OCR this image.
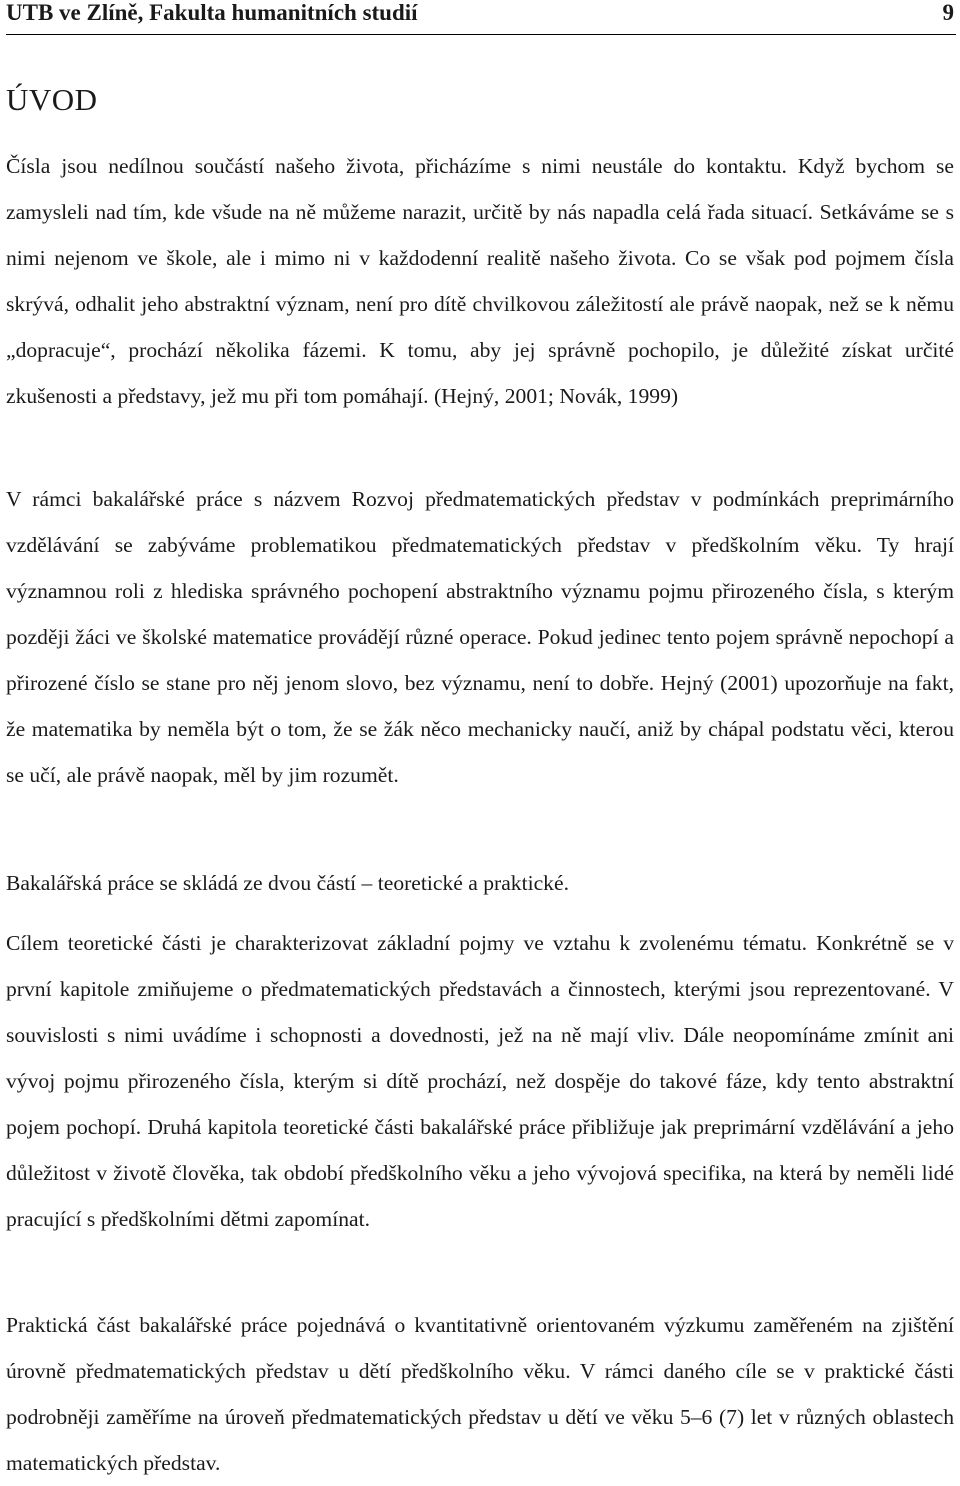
UTB ve Zlíně, Fakulta humanitních studií	9
ÚVOD

Čísla jsou nedílnou součástí našeho života, přicházíme s nimi neustále do kontaktu. Když bychom se zamysleli nad tím, kde všude na ně můžeme narazit, určitě by nás napadla celá řada situací. Setkáváme se s nimi nejenom ve škole, ale i mimo ni v každodenní realitě našeho života. Co se však pod pojmem čísla skrývá, odhalit jeho abstraktní význam, není pro dítě chvilkovou záležitostí ale právě naopak, než se k němu „dopracuje“, prochází několika fázemi. K tomu, aby jej správně pochopilo, je důležité získat určité zkušenosti a představy, jež mu při tom pomáhají. (Hejný, 2001; Novák, 1999)

V rámci bakalářské práce s názvem Rozvoj předmatematických představ v podmínkách preprimárního vzdělávání se zabýváme problematikou předmatematických představ v předškolním věku. Ty hrají významnou roli z hlediska správného pochopení abstraktního významu pojmu přirozeného čísla, s kterým později žáci ve školské matematice provádějí různé operace. Pokud jedinec tento pojem správně nepochopí a přirozené číslo se stane pro něj jenom slovo, bez významu, není to dobře. Hejný (2001) upozorňuje na fakt, že matematika by neměla být o tom, že se žák něco mechanicky naučí, aniž by chápal podstatu věci, kterou se učí, ale právě naopak, měl by jim rozumět.

Bakalářská práce se skládá ze dvou částí – teoretické a praktické.

Cílem teoretické části je charakterizovat základní pojmy ve vztahu k zvolenému tématu. Konkrétně se v první kapitole zmiňujeme o předmatematických představách a činnostech, kterými jsou reprezentované. V souvislosti s nimi uvádíme i schopnosti a dovednosti, jež na ně mají vliv. Dále neopomínáme zmínit ani vývoj pojmu přirozeného čísla, kterým si dítě prochází, než dospěje do takové fáze, kdy tento abstraktní pojem pochopí. Druhá kapitola teoretické části bakalářské práce přibližuje jak preprimární vzdělávání a jeho důležitost v životě člověka, tak období předškolního věku a jeho vývojová specifika, na která by neměli lidé pracující s předškolními dětmi zapomínat.

Praktická část bakalářské práce pojednává o kvantitativně orientovaném výzkumu zaměřeném na zjištění úrovně předmatematických představ u dětí předškolního věku. V rámci daného cíle se v praktické části podrobněji zaměříme na úroveň předmatematických představ u dětí ve věku 5–6 (7) let v různých oblastech matematických představ.
